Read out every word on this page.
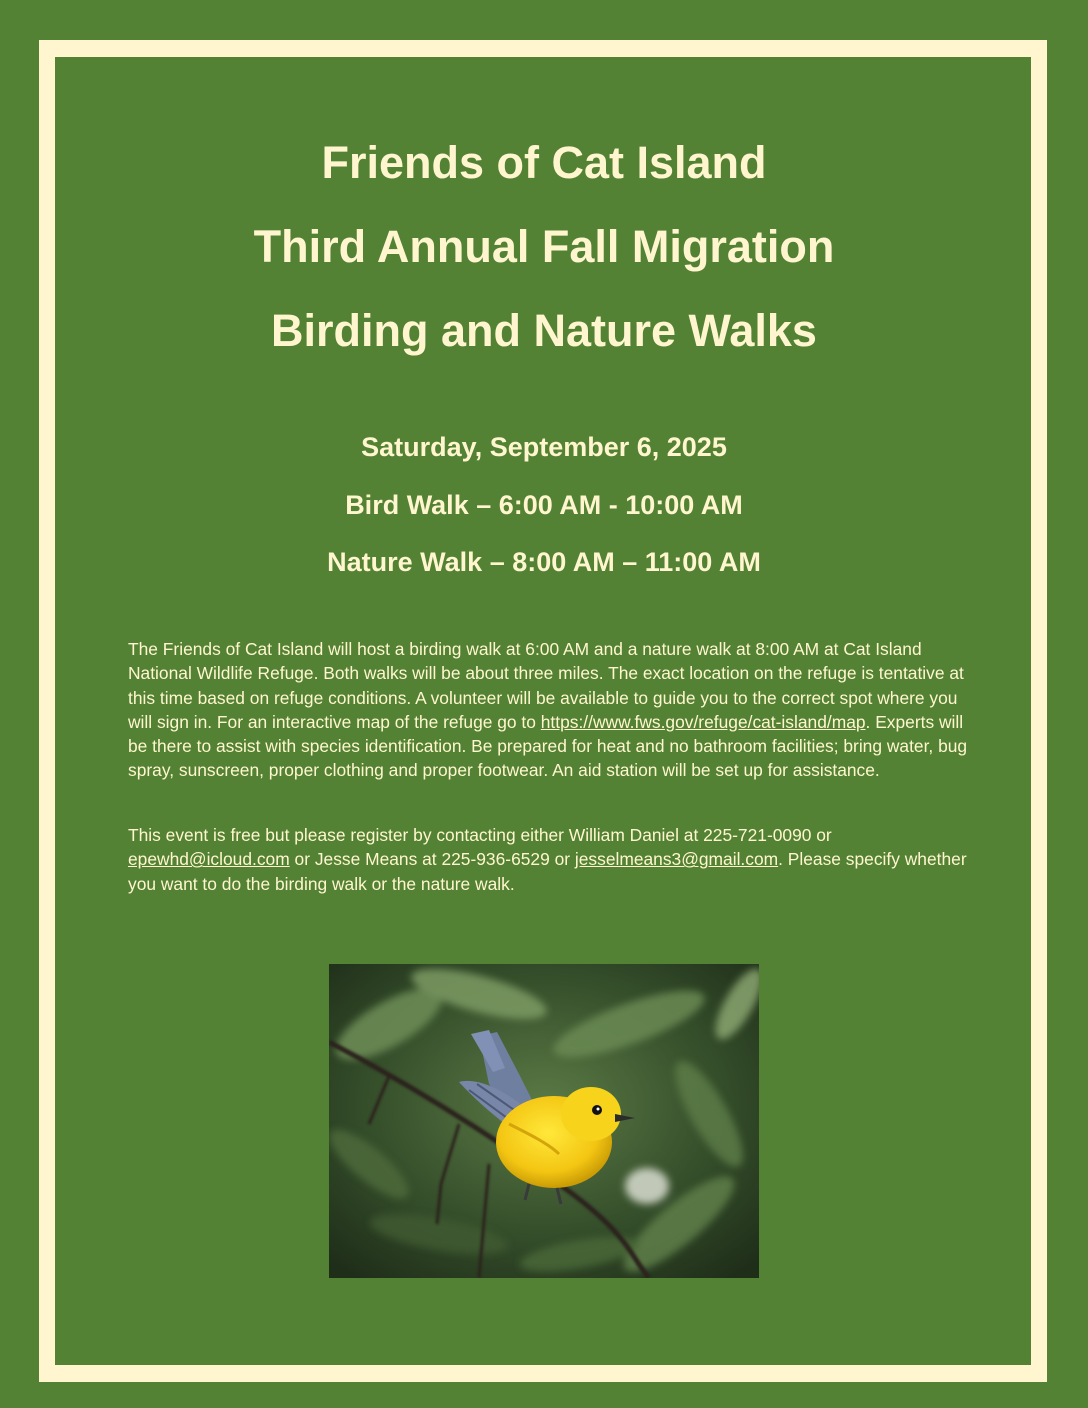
Friends of Cat Island
Third Annual Fall Migration
Birding and Nature Walks

Saturday, September 6, 2025

Bird Walk – 6:00 AM - 10:00 AM

Nature Walk – 8:00 AM – 11:00 AM

The Friends of Cat Island will host a birding walk at 6:00 AM and a nature walk at 8:00 AM at Cat Island National Wildlife Refuge. Both walks will be about three miles. The exact location on the refuge is tentative at this time based on refuge conditions. A volunteer will be available to guide you to the correct spot where you will sign in. For an interactive map of the refuge go to https://www.fws.gov/refuge/cat-island/map. Experts will be there to assist with species identification. Be prepared for heat and no bathroom facilities; bring water, bug spray, sunscreen, proper clothing and proper footwear. An aid station will be set up for assistance.

This event is free but please register by contacting either William Daniel at 225-721-0090 or epewhd@icloud.com or Jesse Means at 225-936-6529 or jesselmeans3@gmail.com. Please specify whether you want to do the birding walk or the nature walk.
